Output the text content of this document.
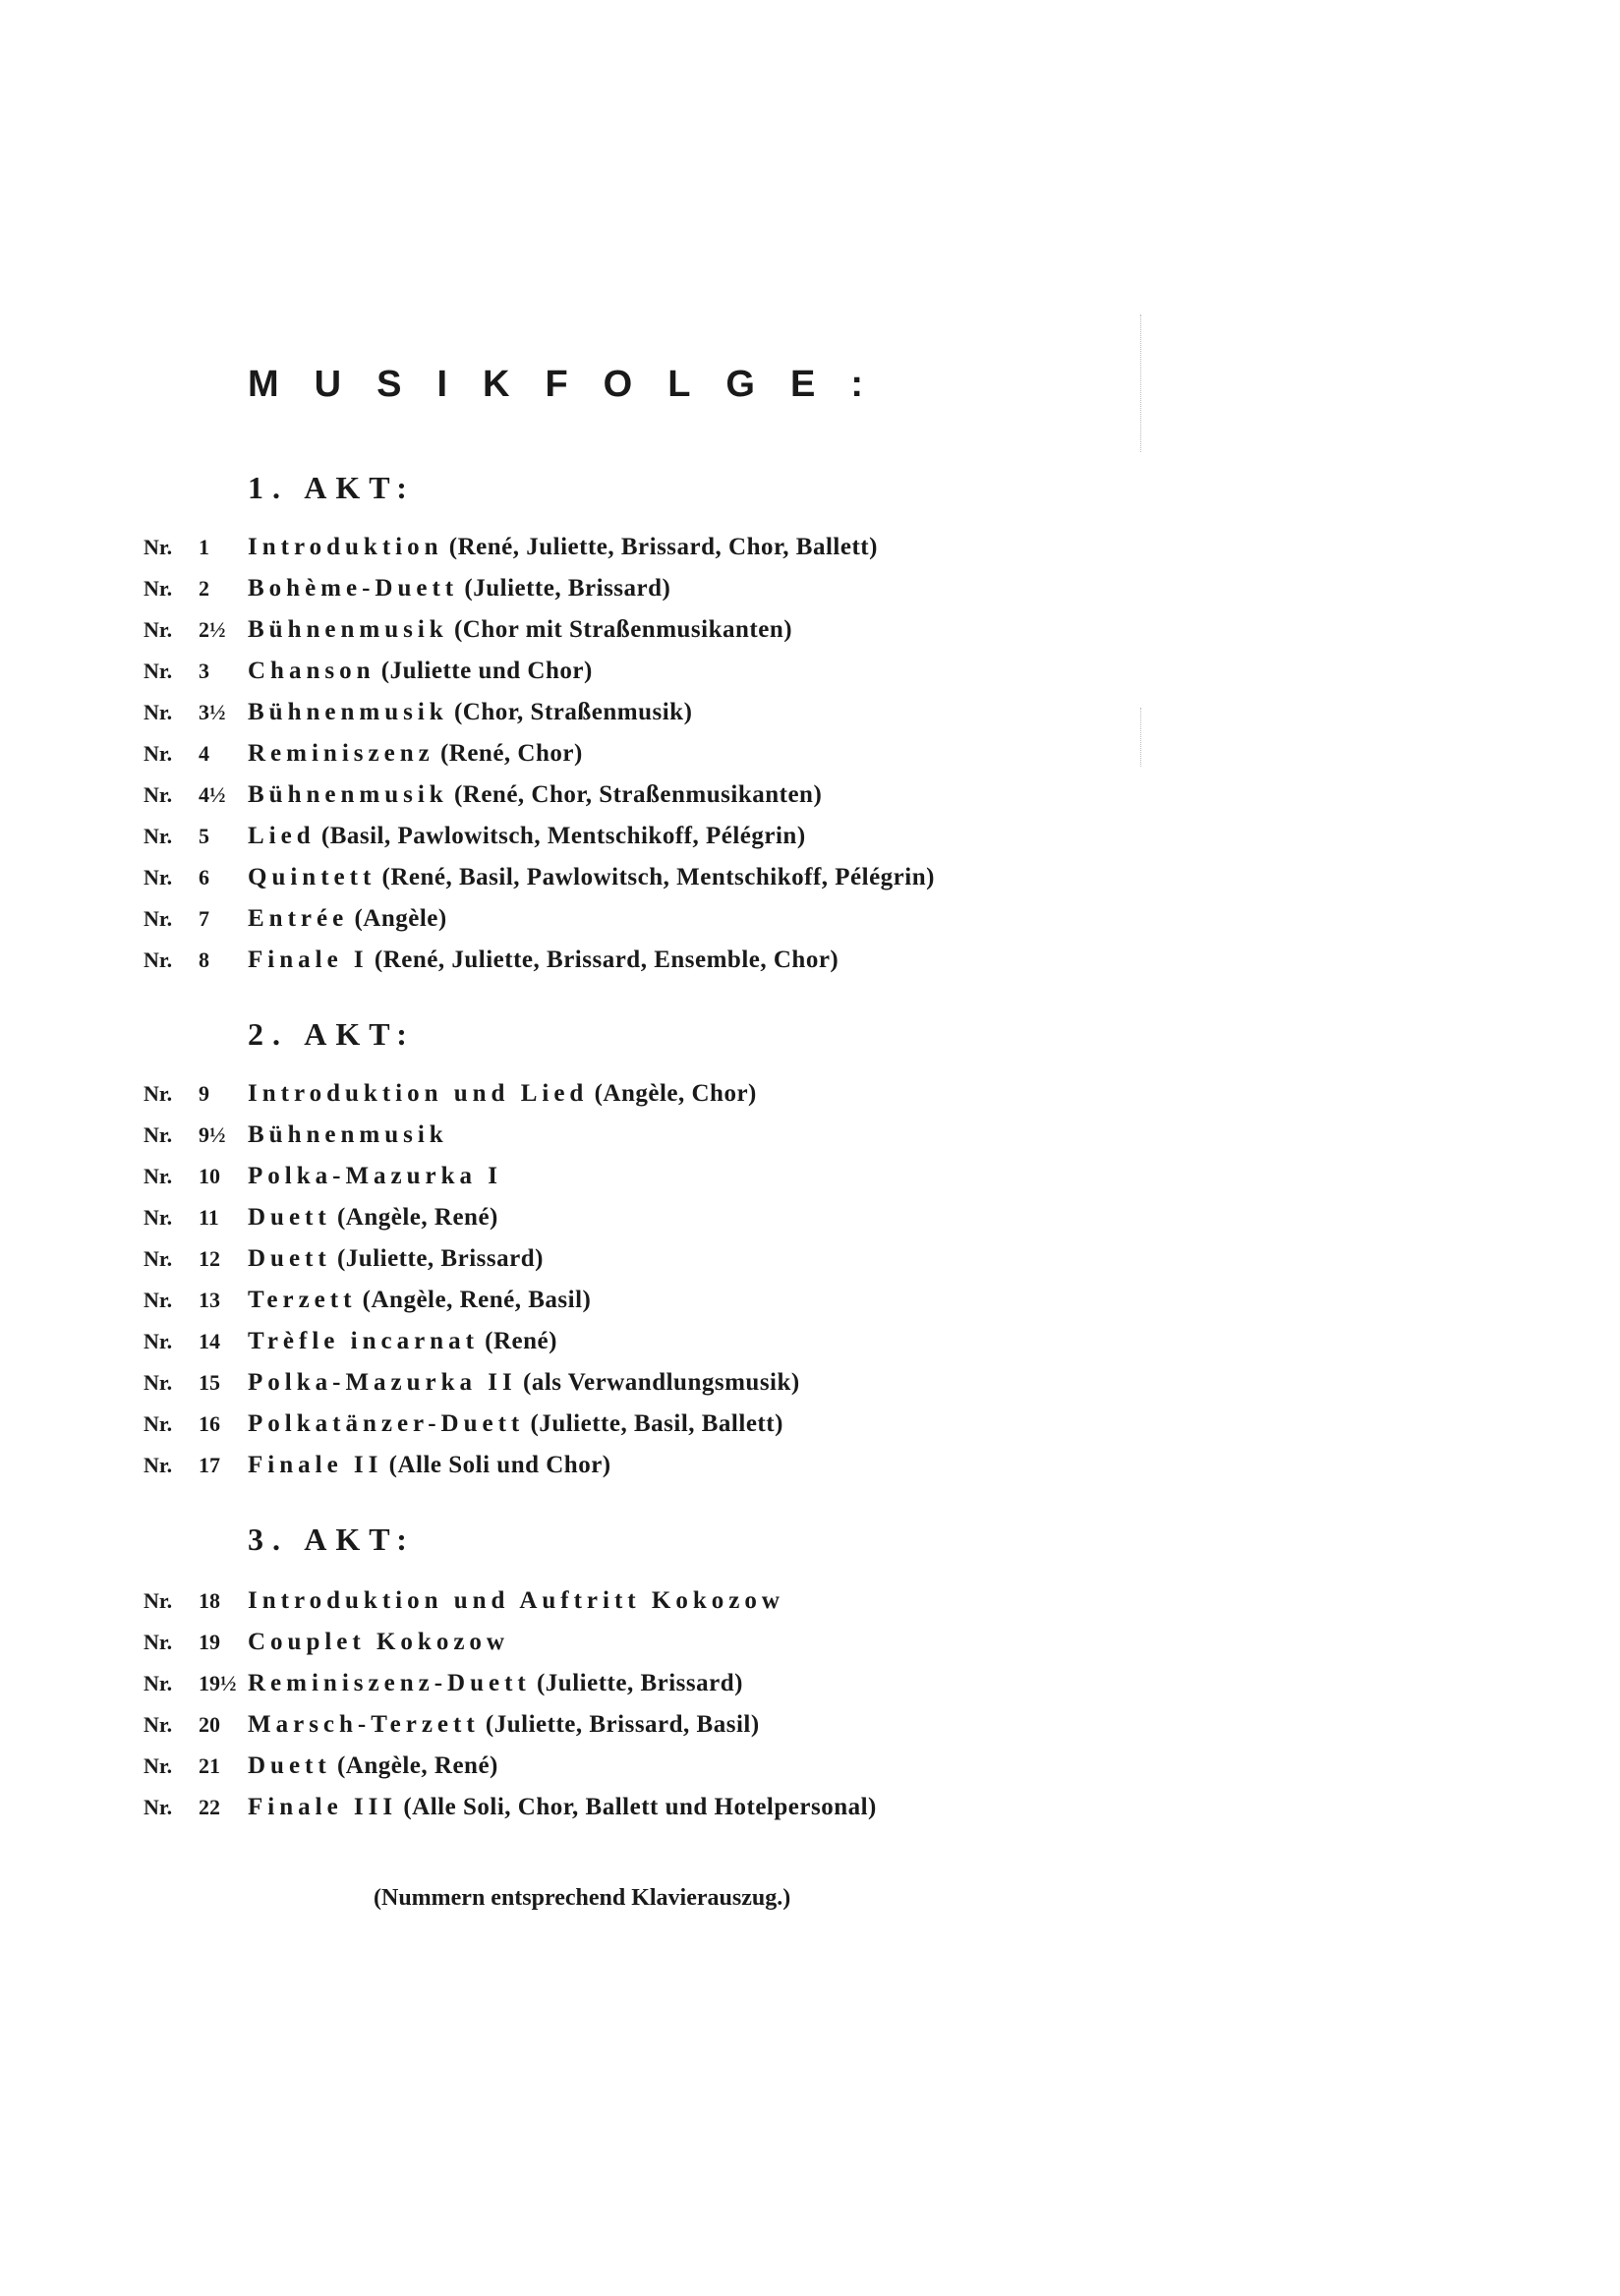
MUSIKFOLGE:
1. AKT:
Nr. 1 Introduktion (René, Juliette, Brissard, Chor, Ballett)
Nr. 2 Bohème-Duett (Juliette, Brissard)
Nr. 2½ Bühnenmusik (Chor mit Straßenmusikanten)
Nr. 3 Chanson (Juliette und Chor)
Nr. 3½ Bühnenmusik (Chor, Straßenmusik)
Nr. 4 Reminiszenz (René, Chor)
Nr. 4½ Bühnenmusik (René, Chor, Straßenmusikanten)
Nr. 5 Lied (Basil, Pawlowitsch, Mentschikoff, Pélégrin)
Nr. 6 Quintett (René, Basil, Pawlowitsch, Mentschikoff, Pélégrin)
Nr. 7 Entrée (Angèle)
Nr. 8 Finale I (René, Juliette, Brissard, Ensemble, Chor)
2. AKT:
Nr. 9 Introduktion und Lied (Angèle, Chor)
Nr. 9½ Bühnenmusik
Nr. 10 Polka-Mazurka I
Nr. 11 Duett (Angèle, René)
Nr. 12 Duett (Juliette, Brissard)
Nr. 13 Terzett (Angèle, René, Basil)
Nr. 14 Trèfle incarnat (René)
Nr. 15 Polka-Mazurka II (als Verwandlungsmusik)
Nr. 16 Polkatänzer-Duett (Juliette, Basil, Ballett)
Nr. 17 Finale II (Alle Soli und Chor)
3. AKT:
Nr. 18 Introduktion und Auftritt Kokozow
Nr. 19 Couplet Kokozow
Nr. 19½ Reminiszenz-Duett (Juliette, Brissard)
Nr. 20 Marsch-Terzett (Juliette, Brissard, Basil)
Nr. 21 Duett (Angèle, René)
Nr. 22 Finale III (Alle Soli, Chor, Ballett und Hotelpersonal)

(Nummern entsprechend Klavierauszug.)
